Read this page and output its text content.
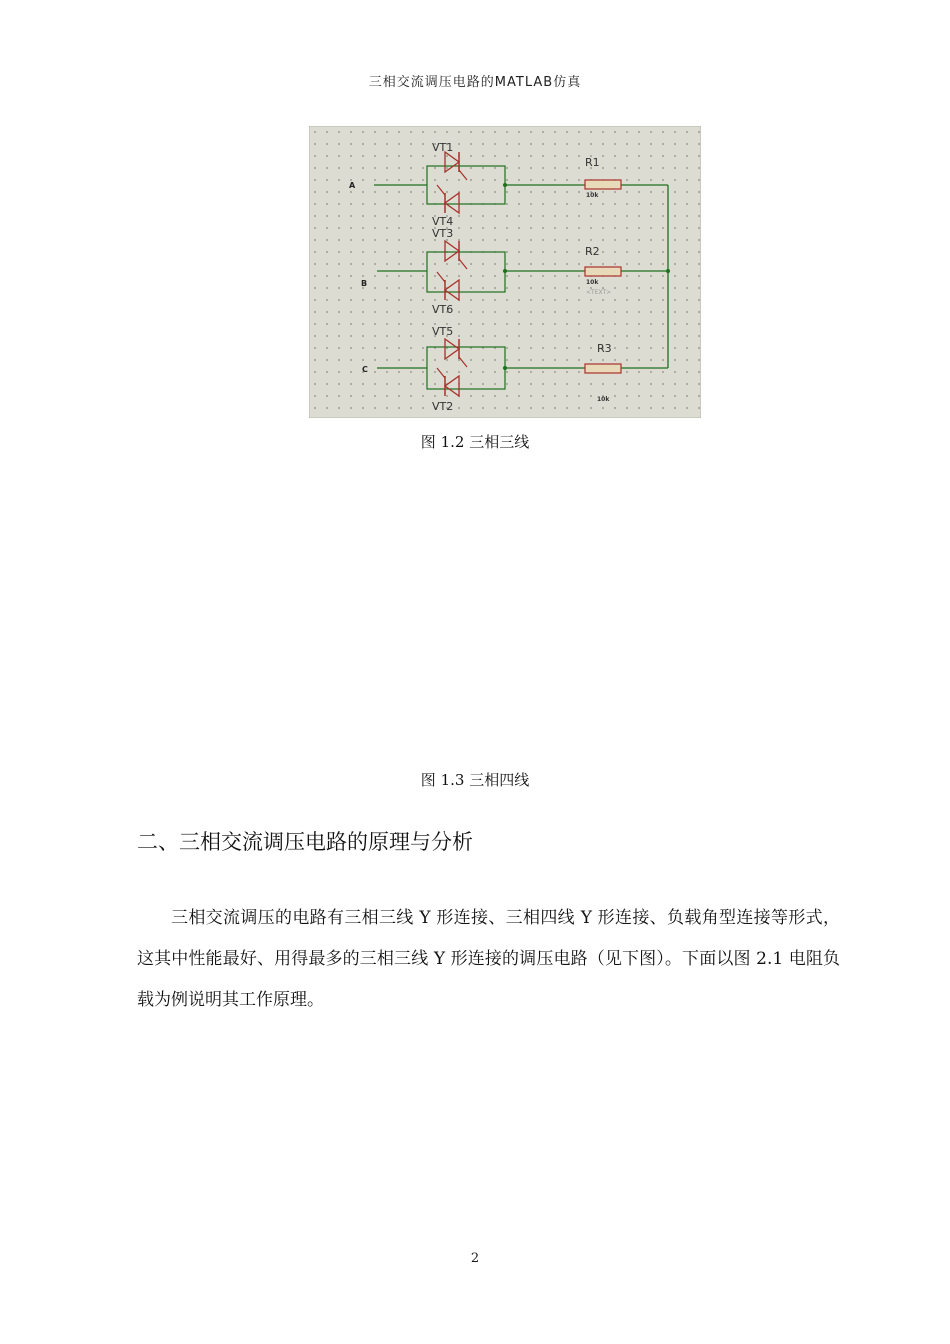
三相交流调压电路的MATLAB仿真
A
B
C
VT1
VT4
VT3
VT6
VT5
VT2
R1
R2
R3
10k
10k
10k
<TEXT>
图 1.2 三相三线
图 1.3 三相四线
二、三相交流调压电路的原理与分析

三相交流调压的电路有三相三线 Y 形连接、三相四线 Y 形连接、负载角型连接等形式，这其中性能最好、用得最多的三相三线 Y 形连接的调压电路（见下图）。下面以图 2.1 电阻负载为例说明其工作原理。

2
